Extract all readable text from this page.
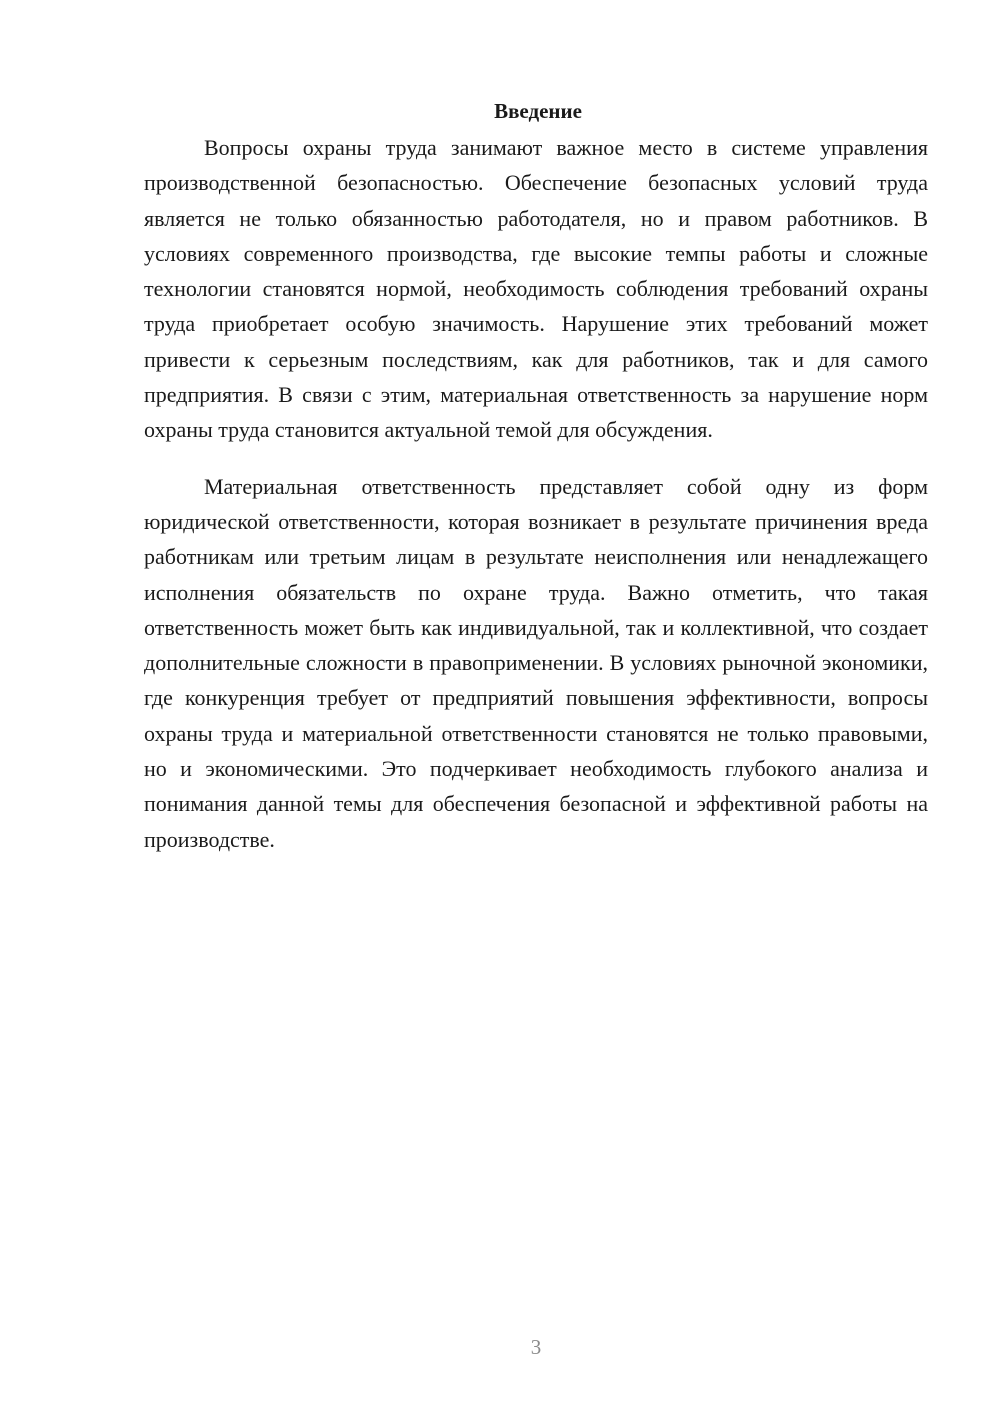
Введение

Вопросы охраны труда занимают важное место в системе управления производственной безопасностью. Обеспечение безопасных условий труда является не только обязанностью работодателя, но и правом работников. В условиях современного производства, где высокие темпы работы и сложные технологии становятся нормой, необходимость соблюдения требований охраны труда приобретает особую значимость. Нарушение этих требований может привести к серьезным последствиям, как для работников, так и для самого предприятия. В связи с этим, материальная ответственность за нарушение норм охраны труда становится актуальной темой для обсуждения.

Материальная ответственность представляет собой одну из форм юридической ответственности, которая возникает в результате причинения вреда работникам или третьим лицам в результате неисполнения или ненадлежащего исполнения обязательств по охране труда. Важно отметить, что такая ответственность может быть как индивидуальной, так и коллективной, что создает дополнительные сложности в правоприменении. В условиях рыночной экономики, где конкуренция требует от предприятий повышения эффективности, вопросы охраны труда и материальной ответственности становятся не только правовыми, но и экономическими. Это подчеркивает необходимость глубокого анализа и понимания данной темы для обеспечения безопасной и эффективной работы на производстве.

3
